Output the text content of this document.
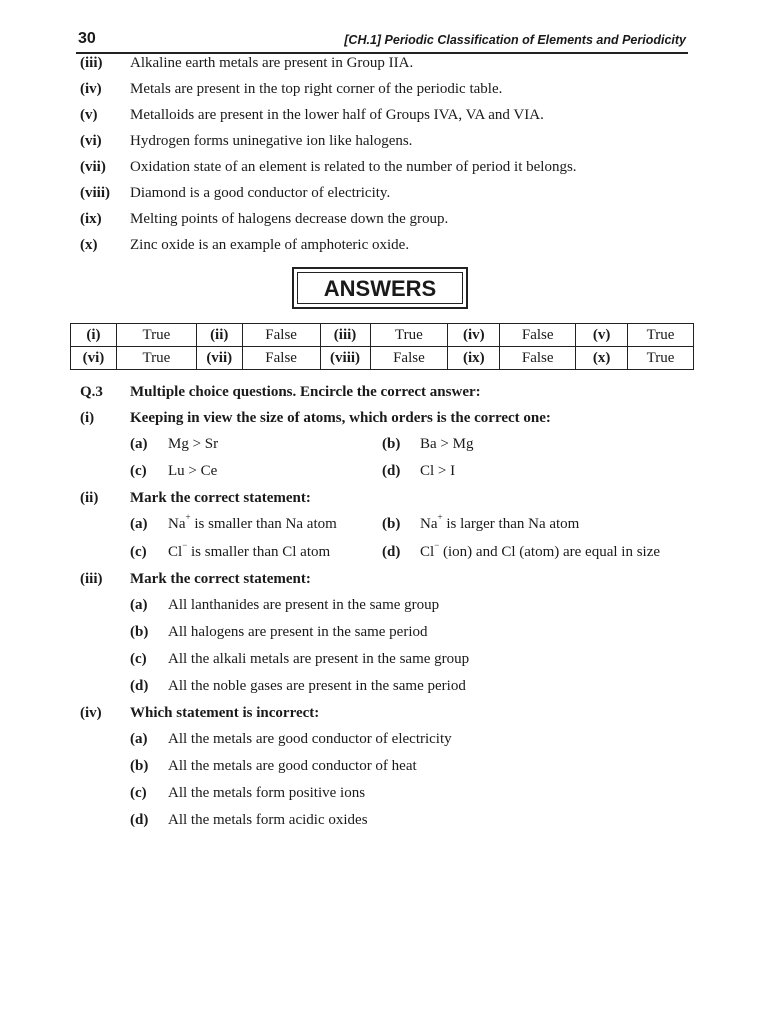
30	[CH.1] Periodic Classification of Elements and Periodicity
(iii) Alkaline earth metals are present in Group IIA.
(iv) Metals are present in the top right corner of the periodic table.
(v) Metalloids are present in the lower half of Groups IVA, VA and VIA.
(vi) Hydrogen forms uninegative ion like halogens.
(vii) Oxidation state of an element is related to the number of period it belongs.
(viii) Diamond is a good conductor of electricity.
(ix) Melting points of halogens decrease down the group.
(x) Zinc oxide is an example of amphoteric oxide.
ANSWERS
(i)	True	(ii)	False	(iii)	True	(iv)	False	(v)	True
(vi)	True	(vii)	False	(viii)	False	(ix)	False	(x)	True
Q.3 Multiple choice questions. Encircle the correct answer:
(i) Keeping in view the size of atoms, which orders is the correct one:
(a) Mg > Sr	(b) Ba > Mg
(c) Lu > Ce	(d) Cl > I
(ii) Mark the correct statement:
(a) Na+ is smaller than Na atom	(b) Na+ is larger than Na atom
(c) Cl− is smaller than Cl atom	(d) Cl− (ion) and Cl (atom) are equal in size
(iii) Mark the correct statement:
(a) All lanthanides are present in the same group
(b) All halogens are present in the same period
(c) All the alkali metals are present in the same group
(d) All the noble gases are present in the same period
(iv) Which statement is incorrect:
(a) All the metals are good conductor of electricity
(b) All the metals are good conductor of heat
(c) All the metals form positive ions
(d) All the metals form acidic oxides
